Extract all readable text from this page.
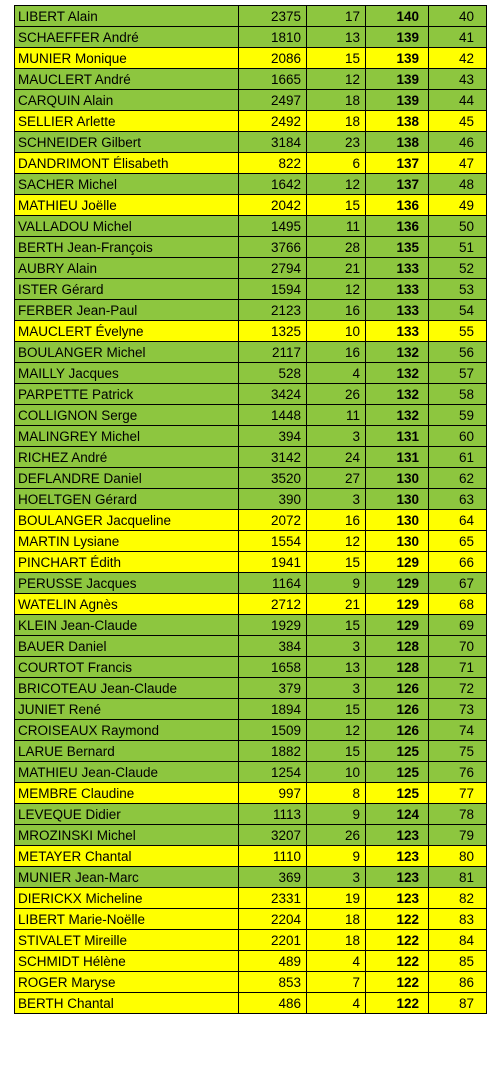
LIBERT Alain	2375	17	140	40
SCHAEFFER André	1810	13	139	41
MUNIER Monique	2086	15	139	42
MAUCLERT André	1665	12	139	43
CARQUIN Alain	2497	18	139	44
SELLIER Arlette	2492	18	138	45
SCHNEIDER Gilbert	3184	23	138	46
DANDRIMONT Élisabeth	822	6	137	47
SACHER Michel	1642	12	137	48
MATHIEU Joëlle	2042	15	136	49
VALLADOU Michel	1495	11	136	50
BERTH Jean-François	3766	28	135	51
AUBRY Alain	2794	21	133	52
ISTER Gérard	1594	12	133	53
FERBER Jean-Paul	2123	16	133	54
MAUCLERT Évelyne	1325	10	133	55
BOULANGER Michel	2117	16	132	56
MAILLY Jacques	528	4	132	57
PARPETTE Patrick	3424	26	132	58
COLLIGNON Serge	1448	11	132	59
MALINGREY Michel	394	3	131	60
RICHEZ André	3142	24	131	61
DEFLANDRE Daniel	3520	27	130	62
HOELTGEN Gérard	390	3	130	63
BOULANGER Jacqueline	2072	16	130	64
MARTIN Lysiane	1554	12	130	65
PINCHART Édith	1941	15	129	66
PERUSSE Jacques	1164	9	129	67
WATELIN Agnès	2712	21	129	68
KLEIN Jean-Claude	1929	15	129	69
BAUER Daniel	384	3	128	70
COURTOT Francis	1658	13	128	71
BRICOTEAU Jean-Claude	379	3	126	72
JUNIET René	1894	15	126	73
CROISEAUX Raymond	1509	12	126	74
LARUE Bernard	1882	15	125	75
MATHIEU Jean-Claude	1254	10	125	76
MEMBRE Claudine	997	8	125	77
LEVEQUE Didier	1113	9	124	78
MROZINSKI Michel	3207	26	123	79
METAYER Chantal	1110	9	123	80
MUNIER Jean-Marc	369	3	123	81
DIERICKX Micheline	2331	19	123	82
LIBERT Marie-Noëlle	2204	18	122	83
STIVALET Mireille	2201	18	122	84
SCHMIDT Hélène	489	4	122	85
ROGER Maryse	853	7	122	86
BERTH Chantal	486	4	122	87
